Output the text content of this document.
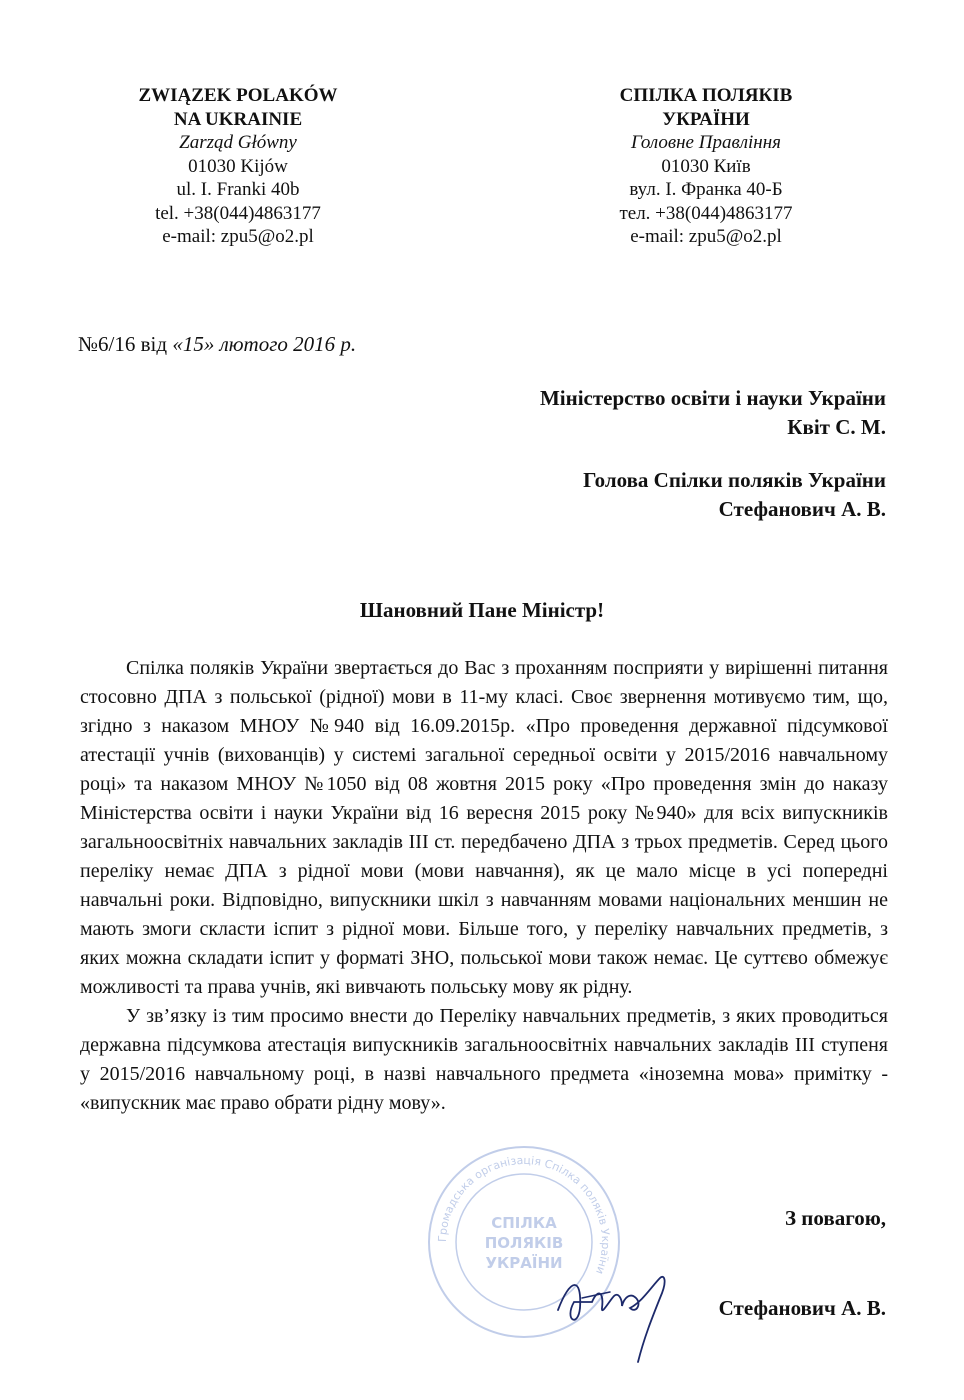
ZWIĄZEK POLAKÓW
NA UKRAINIE
Zarząd Główny
01030 Kijów
ul. I. Franki 40b
tel. +38(044)4863177
e-mail: zpu5@o2.pl
СПІЛКА ПОЛЯКІВ
УКРАЇНИ
Головне Правління
01030 Київ
вул. І. Франка 40-Б
тел. +38(044)4863177
e-mail: zpu5@o2.pl
№6/16 від «15» лютого 2016 р.
Міністерство освіти і науки України
Квіт С. М.
Голова Спілки поляків України
Стефанович А. В.
Шановний Пане Міністр!

Спілка поляків України звертається до Вас з проханням посприяти у вирішенні питання стосовно ДПА з польської (рідної) мови в 11-му класі. Своє звернення мотивуємо тим, що, згідно з наказом МНОУ №940 від 16.09.2015р. «Про проведення державної підсумкової атестації учнів (вихованців) у системі загальної середньої освіти у 2015/2016 навчальному році» та наказом МНОУ №1050 від 08 жовтня 2015 року «Про проведення змін до наказу Міністерства освіти і науки України від 16 вересня 2015 року №940» для всіх випускників загальноосвітніх навчальних закладів ІІІ ст. передбачено ДПА з трьох предметів. Серед цього переліку немає ДПА з рідної мови (мови навчання), як це мало місце в усі попередні навчальні роки. Відповідно, випускники шкіл з навчанням мовами національних меншин не мають змоги скласти іспит з рідної мови. Більше того, у переліку навчальних предметів, з яких можна складати іспит у форматі ЗНО, польської мови також немає. Це суттєво обмежує можливості та права учнів, які вивчають польську мову як рідну.

У зв’язку із тим просимо внести до Переліку навчальних предметів, з яких проводиться державна підсумкова атестація випускників загальноосвітніх навчальних закладів ІІІ ступеня у 2015/2016 навчальному році, в назві навчального предмета «іноземна мова» примітку - «випускник має право обрати рідну мову».

З повагою,
Громадська організація Спілка поляків України
СПІЛКА
ПОЛЯКІВ
УКРАЇНИ
Стефанович А. В.
